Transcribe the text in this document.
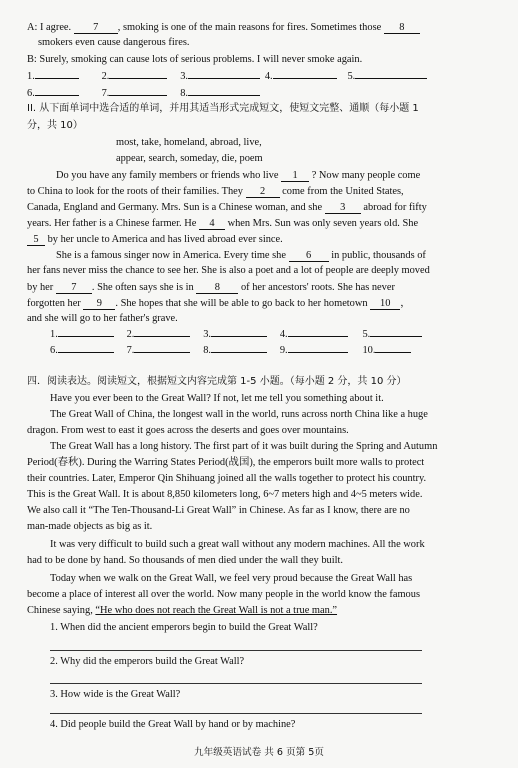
A: I agree. 7 , smoking is one of the main reasons for fires. Sometimes those 8
smokers even cause dangerous fires.
B: Surely, smoking can cause lots of serious problems. I will never smoke again.
1.	2.	3.	4.	5.
6.	7.	8.
II. 从下面单词中选合适的单词，并用其适当形式完成短文，使短文完整、通顺（每小题 1
分，共 10）
most, take, homeland, abroad, live,
appear, search, someday, die, poem
Do you have any family members or friends who live 1 ? Now many people come
to China to look for the roots of their families. They 2 come from the United States,
Canada, England and Germany. Mrs. Sun is a Chinese woman, and she 3 abroad for fifty
years. Her father is a Chinese farmer. He 4 when Mrs. Sun was only seven years old. She
5 by her uncle to America and has lived abroad ever since.
She is a famous singer now in America. Every time she 6 in public, thousands of
her fans never miss the chance to see her. She is also a poet and a lot of people are deeply moved
by her 7 . She often says she is in 8 of her ancestors' roots. She has never
forgotten her 9 . She hopes that she will be able to go back to her hometown 10 ，
and she will go to her father's grave.
1.	2.	3.	4.	5.
6.	7.	8.	9.	10.
四．阅读表达。阅读短文，根据短文内容完成第 1-5 小题。（每小题 2 分，共 10 分）
Have you ever been to the Great Wall? If not, let me tell you something about it.
The Great Wall of China, the longest wall in the world, runs across north China like a huge
dragon. From west to east it goes across the deserts and goes over mountains.
The Great Wall has a long history. The first part of it was built during the Spring and Autumn
Period(春秋). During the Warring States Period(战国), the emperors built more walls to protect
their countries. Later, Emperor Qin Shihuang joined all the walls together to protect his country.
This is the Great Wall. It is about 8,850 kilometers long, 6~7 meters high and 4~5 meters wide.
We also call it “The Ten-Thousand-Li Great Wall” in Chinese. As far as I know, there are no
man-made objects as big as it.
It was very difficult to build such a great wall without any modern machines. All the work
had to be done by hand. So thousands of men died under the wall they built.
Today when we walk on the Great Wall, we feel very proud because the Great Wall has
become a place of interest all over the world. Now many people in the world know the famous
Chinese saying, “He who does not reach the Great Wall is not a true man.”
1. When did the ancient emperors begin to build the Great Wall?
2. Why did the emperors build the Great Wall?
3. How wide is the Great Wall?
4. Did people build the Great Wall by hand or by machine?
九年级英语试卷 共 6 页第 5页
